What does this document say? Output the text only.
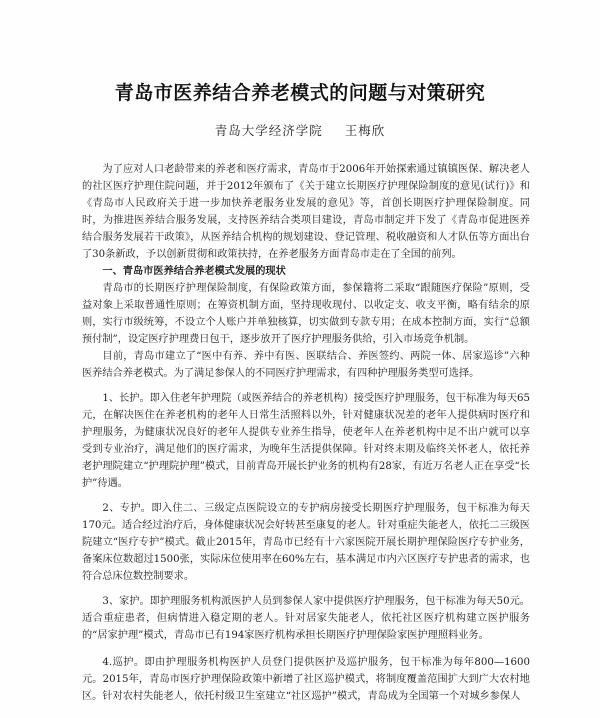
青岛市医养结合养老模式的问题与对策研究
青岛大学经济学院 王梅欣

为了应对人口老龄带来的养老和医疗需求，青岛市于2006年开始探索通过镇镇医保、解决老人的社区医疗护理住院问题，并于2012年颁布了《关于建立长期医疗护理保险制度的意见(试行)》和《青岛市人民政府关于进一步加快养老服务业发展的意见》等，首创长期医疗护理保险制度。同时，为推进医养结合服务发展，支持医养结合类项目建设，青岛市制定并下发了《青岛市促进医养结合服务发展若干政策》，从医养结合机构的规划建设、登记管理、税收融资和人才队伍等方面出台了30条新政，予以创新贯彻和政策扶持，在养老服务方面青岛市走在了全国的前列。

一、青岛市医养结合养老模式发展的现状

青岛市的长期医疗护理保险制度，有保险政策方面，参保籍将二采取“跟随医疗保险”原则，受益对象上采取普通性原则；在筹资机制方面，坚持现收现付、以收定支、收支平衡，略有结余的原则，实行市级统筹，不设立个人账户并单独核算，切实做到专款专用；在成本控制方面，实行“总额预付制”，设定医疗护理费日包干，逐步放开了医疗护理服务供给，引入市场竞争机制。

目前，青岛市建立了“医中有养、养中有医、医联结合、养医签约、两院一体、居家巡诊”六种医养结合养老模式。为了满足参保人的不同医疗护理需求，有四种护理服务类型可选择。

1、长护。即入住老年护理院（或医养结合的养老机构）接受医疗护理服务，包干标准为每天65元，在解决医住在养老机构的老年人日常生活照料以外，针对健康状况差的老年人提供病时医疗和护理服务，为健康状况良好的老年人提供专业养生指导，使老年人在养老机构中足不出户就可以享受到专业治疗，满足他们的医疗需求，为晚年生活提供保障。针对终末期及临终关怀老人，依托养老护理院建立“护理院护理”模式，目前青岛开展长护业务的机构有28家，有近万名老人正在享受“长护”待遇。

2、专护。即入住二、三级定点医院设立的专护病房接受长期医疗护理服务，包干标准为每天170元。适合经过治疗后，身体健康状况会好转甚至康复的老人。针对重症失能老人，依托二三级医院建立“医疗专护”模式。截止2015年，青岛市已经有十六家医院开展长期护理保险医疗专护业务，备案床位数超过1500张，实际床位使用率在60%左右，基本满足市内六区医疗专护患者的需求，也符合总床位数控制要求。

3、家护。即护理服务机构派医护人员到参保人家中提供医疗护理服务，包干标准为每天50元。适合重症患者，但病情进入稳定期的老人。针对居家失能老人，依托社区医疗机构建立医护服务的“居家护理”模式，青岛市已有194家医疗机构承担长期医疗护理保险家医护理照料业务。

4.巡护。即由护理服务机构医护人员登门提供医护及巡护服务，包干标准为每年800—1600元。2015年，青岛市医疗护理保险政策中新增了社区巡护模式，将制度覆盖范围扩大到广大农村地区。针对农村失能老人，依托村级卫生室建立“社区巡护”模式，青岛成为全国第一个对城乡参保人
